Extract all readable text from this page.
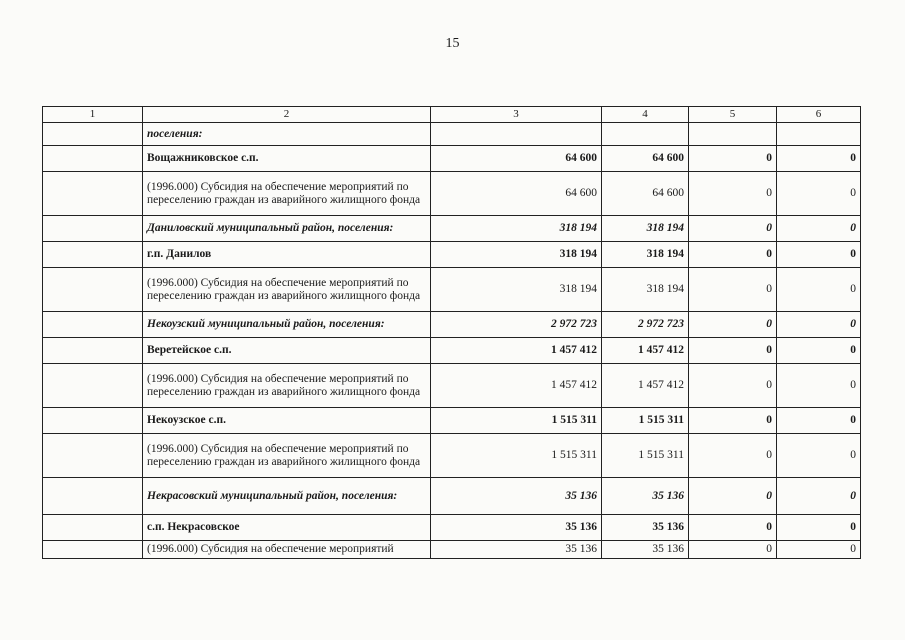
15
1	2	3	4	5	6
	поселения:				
	Вощажниковское с.п.	64 600	64 600	0	0
	(1996.000) Субсидия на обеспечение мероприятий по переселению граждан из аварийного жилищного фонда	64 600	64 600	0	0
	Даниловский муниципальный район, поселения:	318 194	318 194	0	0
	г.п. Данилов	318 194	318 194	0	0
	(1996.000) Субсидия на обеспечение мероприятий по переселению граждан из аварийного жилищного фонда	318 194	318 194	0	0
	Некоузский муниципальный район, поселения:	2 972 723	2 972 723	0	0
	Веретейское с.п.	1 457 412	1 457 412	0	0
	(1996.000) Субсидия на обеспечение мероприятий по переселению граждан из аварийного жилищного фонда	1 457 412	1 457 412	0	0
	Некоузское с.п.	1 515 311	1 515 311	0	0
	(1996.000) Субсидия на обеспечение мероприятий по переселению граждан из аварийного жилищного фонда	1 515 311	1 515 311	0	0
	Некрасовский муниципальный район, поселения:	35 136	35 136	0	0
	с.п. Некрасовское	35 136	35 136	0	0
	(1996.000) Субсидия на обеспечение мероприятий	35 136	35 136	0	0
